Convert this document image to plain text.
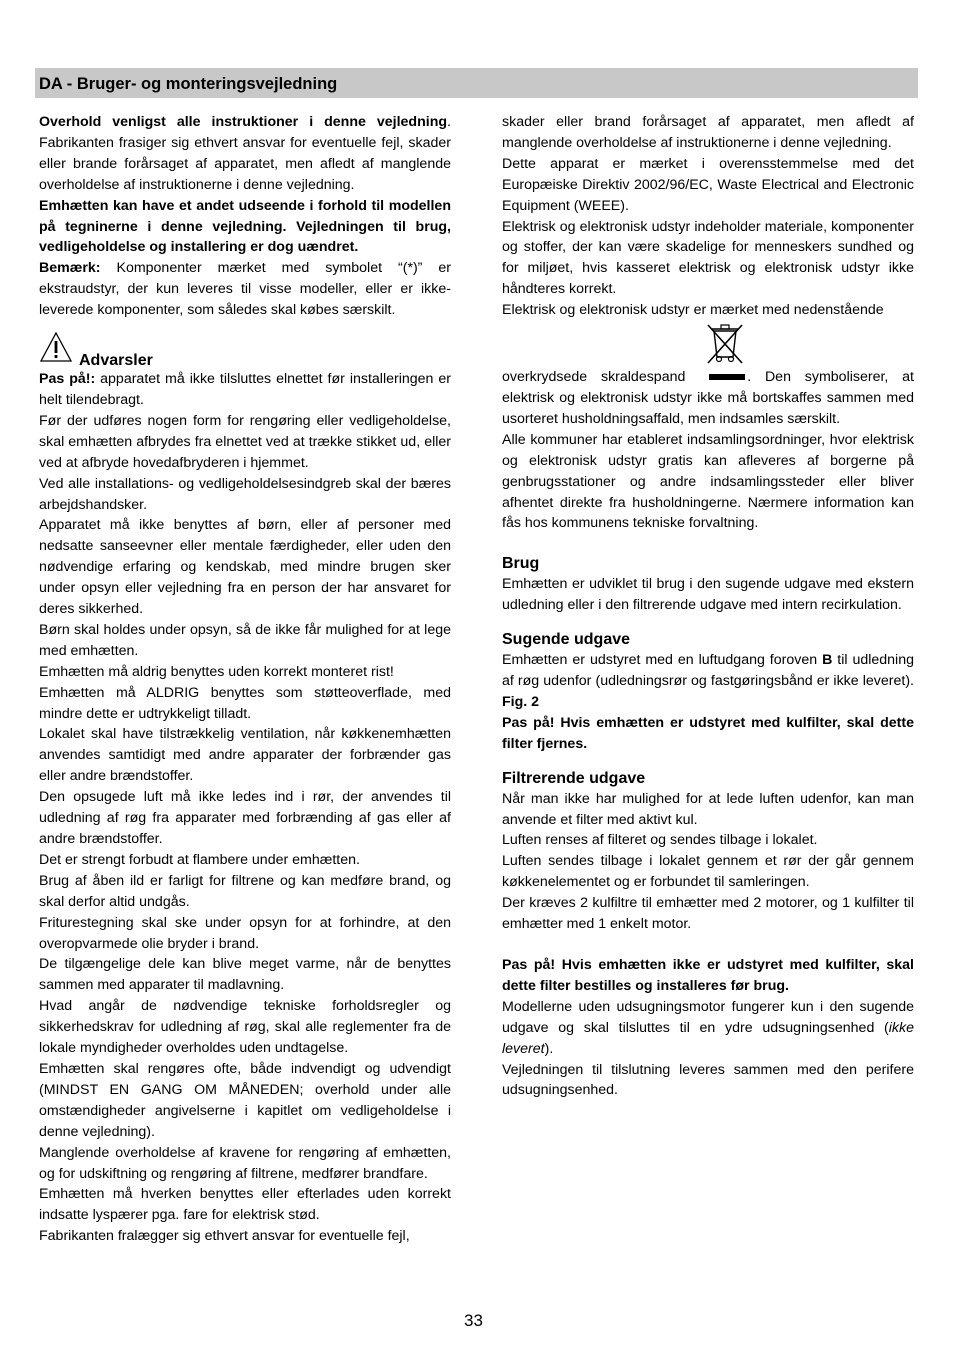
DA - Bruger- og monteringsvejledning

Overhold venligst alle instruktioner i denne vejledning. Fabrikanten frasiger sig ethvert ansvar for eventuelle fejl, skader eller brande forårsaget af apparatet, men afledt af manglende overholdelse af instruktionerne i denne vejledning.

Emhætten kan have et andet udseende i forhold til modellen på tegninerne i denne vejledning. Vejledningen til brug, vedligeholdelse og installering er dog uændret.

Bemærk: Komponenter mærket med symbolet “(*)” er ekstraudstyr, der kun leveres til visse modeller, eller er ikke-leverede komponenter, som således skal købes særskilt.

Advarsler

Pas på!: apparatet må ikke tilsluttes elnettet før installeringen er helt tilendebragt.

Før der udføres nogen form for rengøring eller vedligeholdelse, skal emhætten afbrydes fra elnettet ved at trække stikket ud, eller ved at afbryde hovedafbryderen i hjemmet.

Ved alle installations- og vedligeholdelsesindgreb skal der bæres arbejdshandsker.

Apparatet må ikke benyttes af børn, eller af personer med nedsatte sanseevner eller mentale færdigheder, eller uden den nødvendige erfaring og kendskab, med mindre brugen sker under opsyn eller vejledning fra en person der har ansvaret for deres sikkerhed.

Børn skal holdes under opsyn, så de ikke får mulighed for at lege med emhætten.

Emhætten må aldrig benyttes uden korrekt monteret rist!

Emhætten må ALDRIG benyttes som støtteoverflade, med mindre dette er udtrykkeligt tilladt.

Lokalet skal have tilstrækkelig ventilation, når køkkenemhætten anvendes samtidigt med andre apparater der forbrænder gas eller andre brændstoffer.

Den opsugede luft må ikke ledes ind i rør, der anvendes til udledning af røg fra apparater med forbrænding af gas eller af andre brændstoffer.

Det er strengt forbudt at flambere under emhætten.

Brug af åben ild er farligt for filtrene og kan medføre brand, og skal derfor altid undgås.

Friturestegning skal ske under opsyn for at forhindre, at den overopvarmede olie bryder i brand.

De tilgængelige dele kan blive meget varme, når de benyttes sammen med apparater til madlavning.

Hvad angår de nødvendige tekniske forholdsregler og sikkerhedskrav for udledning af røg, skal alle reglementer fra de lokale myndigheder overholdes uden undtagelse.

Emhætten skal rengøres ofte, både indvendigt og udvendigt (MINDST EN GANG OM MÅNEDEN; overhold under alle omstændigheder angivelserne i kapitlet om vedligeholdelse i denne vejledning).

Manglende overholdelse af kravene for rengøring af emhætten, og for udskiftning og rengøring af filtrene, medfører brandfare.

Emhætten må hverken benyttes eller efterlades uden korrekt indsatte lyspærer pga. fare for elektrisk stød.

Fabrikanten fralægger sig ethvert ansvar for eventuelle fejl,

skader eller brand forårsaget af apparatet, men afledt af manglende overholdelse af instruktionerne i denne vejledning.

Dette apparat er mærket i overensstemmelse med det Europæiske Direktiv 2002/96/EC, Waste Electrical and Electronic Equipment (WEEE).

Elektrisk og elektronisk udstyr indeholder materiale, komponenter og stoffer, der kan være skadelige for menneskers sundhed og for miljøet, hvis kasseret elektrisk og elektronisk udstyr ikke håndteres korrekt.

Elektrisk og elektronisk udstyr er mærket med nedenstående

overkrydsede skraldespand	. Den symboliserer, at elektrisk og elektronisk udstyr ikke må bortskaffes sammen med usorteret husholdningsaffald, men indsamles særskilt.

Alle kommuner har etableret indsamlingsordninger, hvor elektrisk og elektronisk udstyr gratis kan afleveres af borgerne på genbrugsstationer og andre indsamlingssteder eller bliver afhentet direkte fra husholdningerne. Nærmere information kan fås hos kommunens tekniske forvaltning.

Brug

Emhætten er udviklet til brug i den sugende udgave med ekstern udledning eller i den filtrerende udgave med intern recirkulation.

Sugende udgave

Emhætten er udstyret med en luftudgang foroven B til udledning af røg udenfor (udledningsrør og fastgøringsbånd er ikke leveret). Fig. 2

Pas på! Hvis emhætten er udstyret med kulfilter, skal dette filter fjernes.

Filtrerende udgave

Når man ikke har mulighed for at lede luften udenfor, kan man anvende et filter med aktivt kul.

Luften renses af filteret og sendes tilbage i lokalet.

Luften sendes tilbage i lokalet gennem et rør der går gennem køkkenelementet og er forbundet til samleringen.

Der kræves 2 kulfiltre til emhætter med 2 motorer, og 1 kulfilter til emhætter med 1 enkelt motor.

Pas på! Hvis emhætten ikke er udstyret med kulfilter, skal dette filter bestilles og installeres før brug.

Modellerne uden udsugningsmotor fungerer kun i den sugende udgave og skal tilsluttes til en ydre udsugningsenhed (ikke leveret).

Vejledningen til tilslutning leveres sammen med den perifere udsugningsenhed.

33
